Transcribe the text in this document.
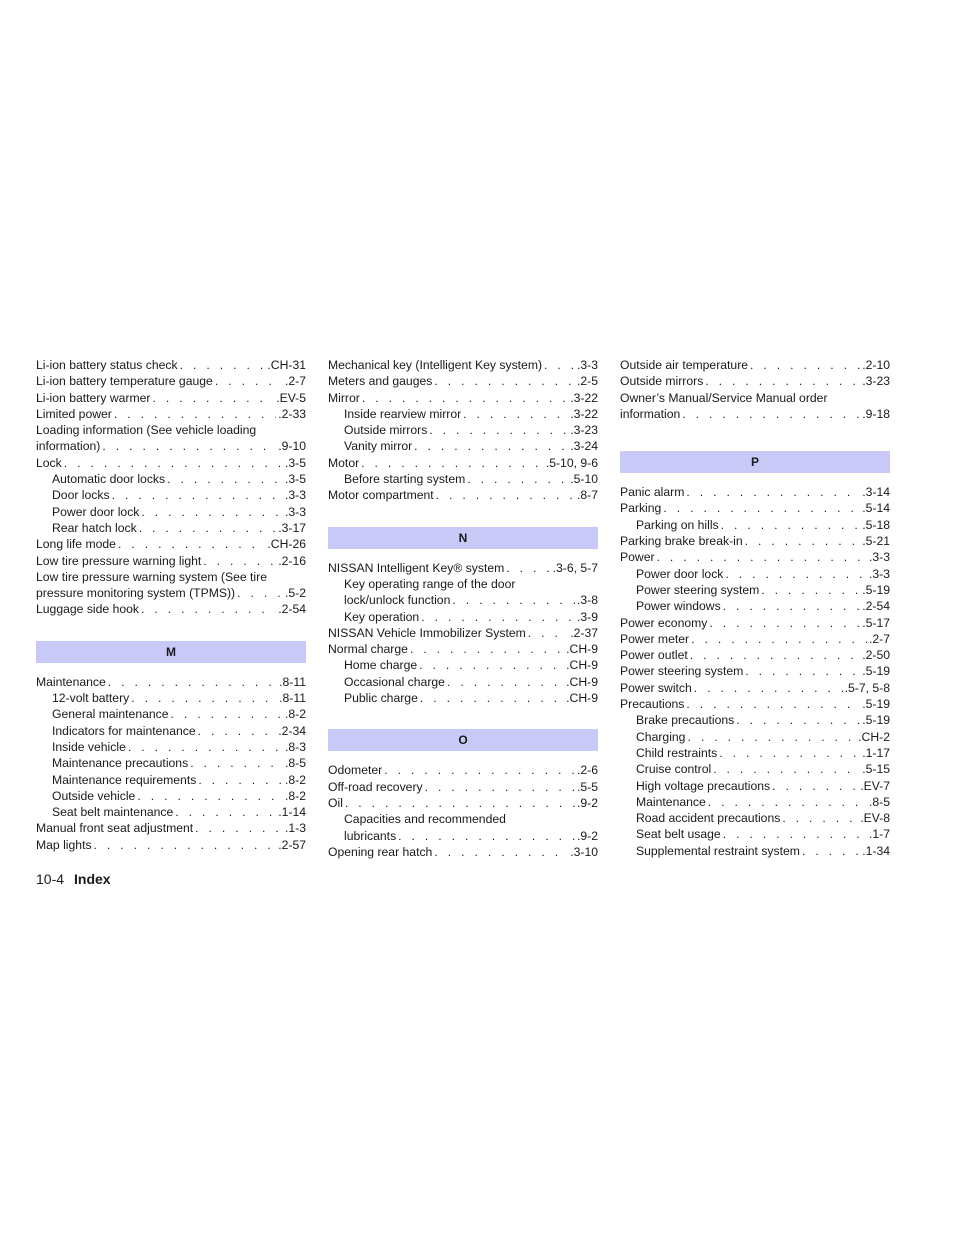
Li-ion battery status check . . .	.CH-31
Li-ion battery temperature gauge . . .	.2-7
Li-ion battery warmer . . .	.EV-5
Limited power . . .	.2-33
Loading information (See vehicle loading
information) . . .	.9-10
Lock . . .	.3-5
Automatic door locks . . .	.3-5
Door locks . . .	.3-3
Power door lock . . .	.3-3
Rear hatch lock . . .	.3-17
Long life mode . . .	.CH-26
Low tire pressure warning light . . .	.2-16
Low tire pressure warning system (See tire
pressure monitoring system (TPMS)) . . .	.5-2
Luggage side hook . . .	.2-54
M
Maintenance . . .	.8-11
12-volt battery . . .	.8-11
General maintenance . . .	.8-2
Indicators for maintenance . . .	.2-34
Inside vehicle . . .	.8-3
Maintenance precautions . . .	.8-5
Maintenance requirements . . .	.8-2
Outside vehicle . . .	.8-2
Seat belt maintenance . . .	.1-14
Manual front seat adjustment . . .	.1-3
Map lights . . .	.2-57
Mechanical key (Intelligent Key system) . . .	.3-3
Meters and gauges . . .	.2-5
Mirror . . .	.3-22
Inside rearview mirror . . .	.3-22
Outside mirrors . . .	.3-23
Vanity mirror . . .	.3-24
Motor . . .	.5-10, 9-6
Before starting system . . .	.5-10
Motor compartment . . .	.8-7
N
NISSAN Intelligent Key® system . . .	.3-6, 5-7
Key operating range of the door
lock/unlock function . . .	.3-8
Key operation . . .	.3-9
NISSAN Vehicle Immobilizer System . . .	.2-37
Normal charge . . .	.CH-9
Home charge . . .	.CH-9
Occasional charge . . .	.CH-9
Public charge . . .	.CH-9
O
Odometer . . .	.2-6
Off-road recovery . . .	.5-5
Oil . . .	.9-2
Capacities and recommended
lubricants . . .	.9-2
Opening rear hatch . . .	.3-10
Outside air temperature . . .	.2-10
Outside mirrors . . .	.3-23
Owner’s Manual/Service Manual order
information . . .	.9-18
P
Panic alarm . . .	.3-14
Parking . . .	.5-14
Parking on hills . . .	.5-18
Parking brake break-in . . .	.5-21
Power . . .	.3-3
Power door lock . . .	.3-3
Power steering system . . .	.5-19
Power windows . . .	.2-54
Power economy . . .	.5-17
Power meter . . .	.2-7
Power outlet . . .	.2-50
Power steering system . . .	.5-19
Power switch . . .	.5-7, 5-8
Precautions . . .	.5-19
Brake precautions . . .	.5-19
Charging . . .	.CH-2
Child restraints . . .	.1-17
Cruise control . . .	.5-15
High voltage precautions . . .	.EV-7
Maintenance . . .	.8-5
Road accident precautions . . .	.EV-8
Seat belt usage . . .	.1-7
Supplemental restraint system . . .	.1-34
10-4 Index
